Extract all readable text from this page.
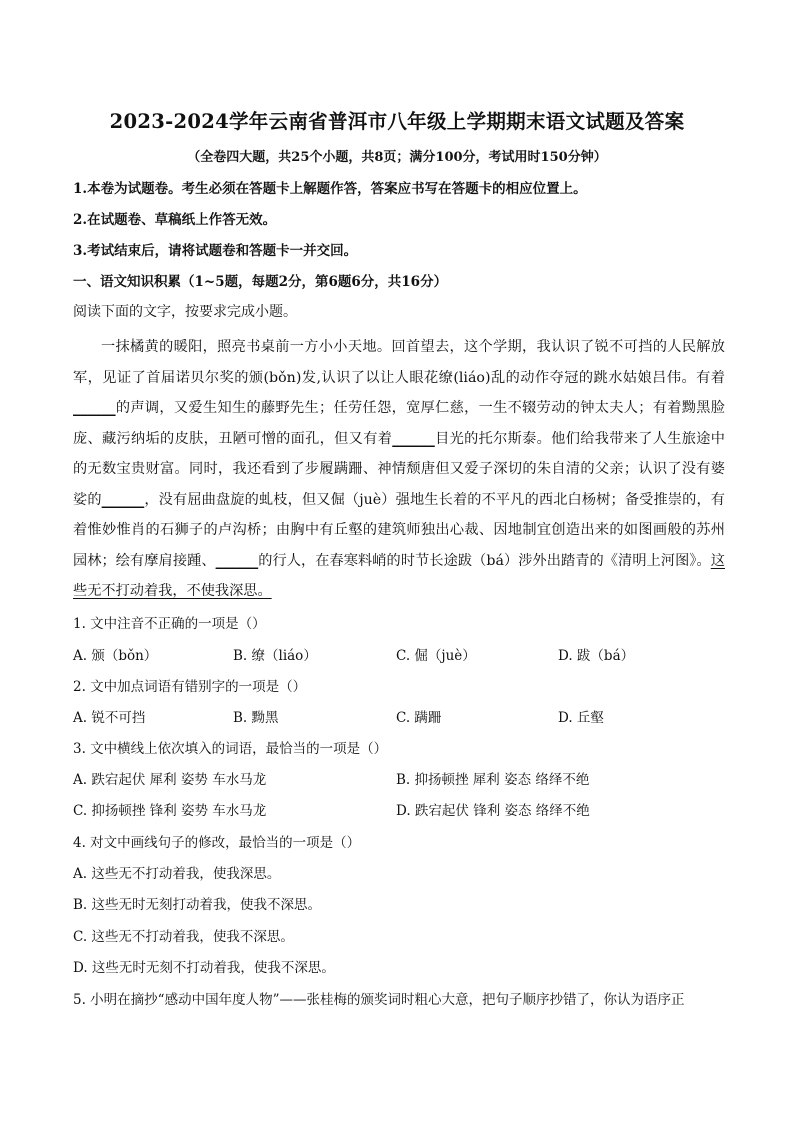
2023-2024学年云南省普洱市八年级上学期期末语文试题及答案
（全卷四大题，共25个小题，共8页；满分100分，考试用时150分钟）
1.本卷为试题卷。考生必须在答题卡上解题作答，答案应书写在答题卡的相应位置上。
2.在试题卷、草稿纸上作答无效。
3.考试结束后，请将试题卷和答题卡一并交回。
一、语文知识积累（1~5题，每题2分，第6题6分，共16分）
阅读下面的文字，按要求完成小题。
一抹橘黄的暖阳，照亮书桌前一方小小天地。回首望去，这个学期，我认识了锐不可挡的人民解放军，见证了首届诺贝尔奖的颁(bǒn)发,认识了以让人眼花缭(liáo)乱的动作夺冠的跳水姑娘吕伟。有着______的声调，又爱生知生的藤野先生；任劳任怨，宽厚仁慈，一生不辍劳动的钟太夫人；有着黝黑脸庞、藏污纳垢的皮肤，丑陋可憎的面孔，但又有着______目光的托尔斯泰。他们给我带来了人生旅途中的无数宝贵财富。同时，我还看到了步履蹒跚、神情颓唐但又爱子深切的朱自清的父亲；认识了没有婆娑的______，没有屈曲盘旋的虬枝，但又倔（juè）强地生长着的不平凡的西北白杨树；备受推崇的，有着惟妙惟肖的石狮子的卢沟桥；由胸中有丘壑的建筑师独出心裁、因地制宜创造出来的如图画般的苏州园林；绘有摩肩接踵、______的行人，在春寒料峭的时节长途跋（bá）涉外出踏青的《清明上河图》。这些无不打动着我，不使我深思。
1. 文中注音不正确的一项是（）
A. 颁（bǒn）	B. 缭（liáo）	C. 倔（juè）	D. 跋（bá）
2. 文中加点词语有错别字的一项是（）
A. 锐不可挡	B. 黝黑	C. 蹒跚	D. 丘壑
3. 文中横线上依次填入的词语，最恰当的一项是（）
A. 跌宕起伏 犀利 姿势 车水马龙	B. 抑扬顿挫 犀利 姿态 络绎不绝
C. 抑扬顿挫 锋利 姿势 车水马龙	D. 跌宕起伏 锋利 姿态 络绎不绝
4. 对文中画线句子的修改，最恰当的一项是（）
A. 这些无不打动着我，使我深思。
B. 这些无时无刻打动着我，使我不深思。
C. 这些无不打动着我，使我不深思。
D. 这些无时无刻不打动着我，使我不深思。
5. 小明在摘抄“感动中国年度人物”——张桂梅的颁奖词时粗心大意，把句子顺序抄错了，你认为语序正
